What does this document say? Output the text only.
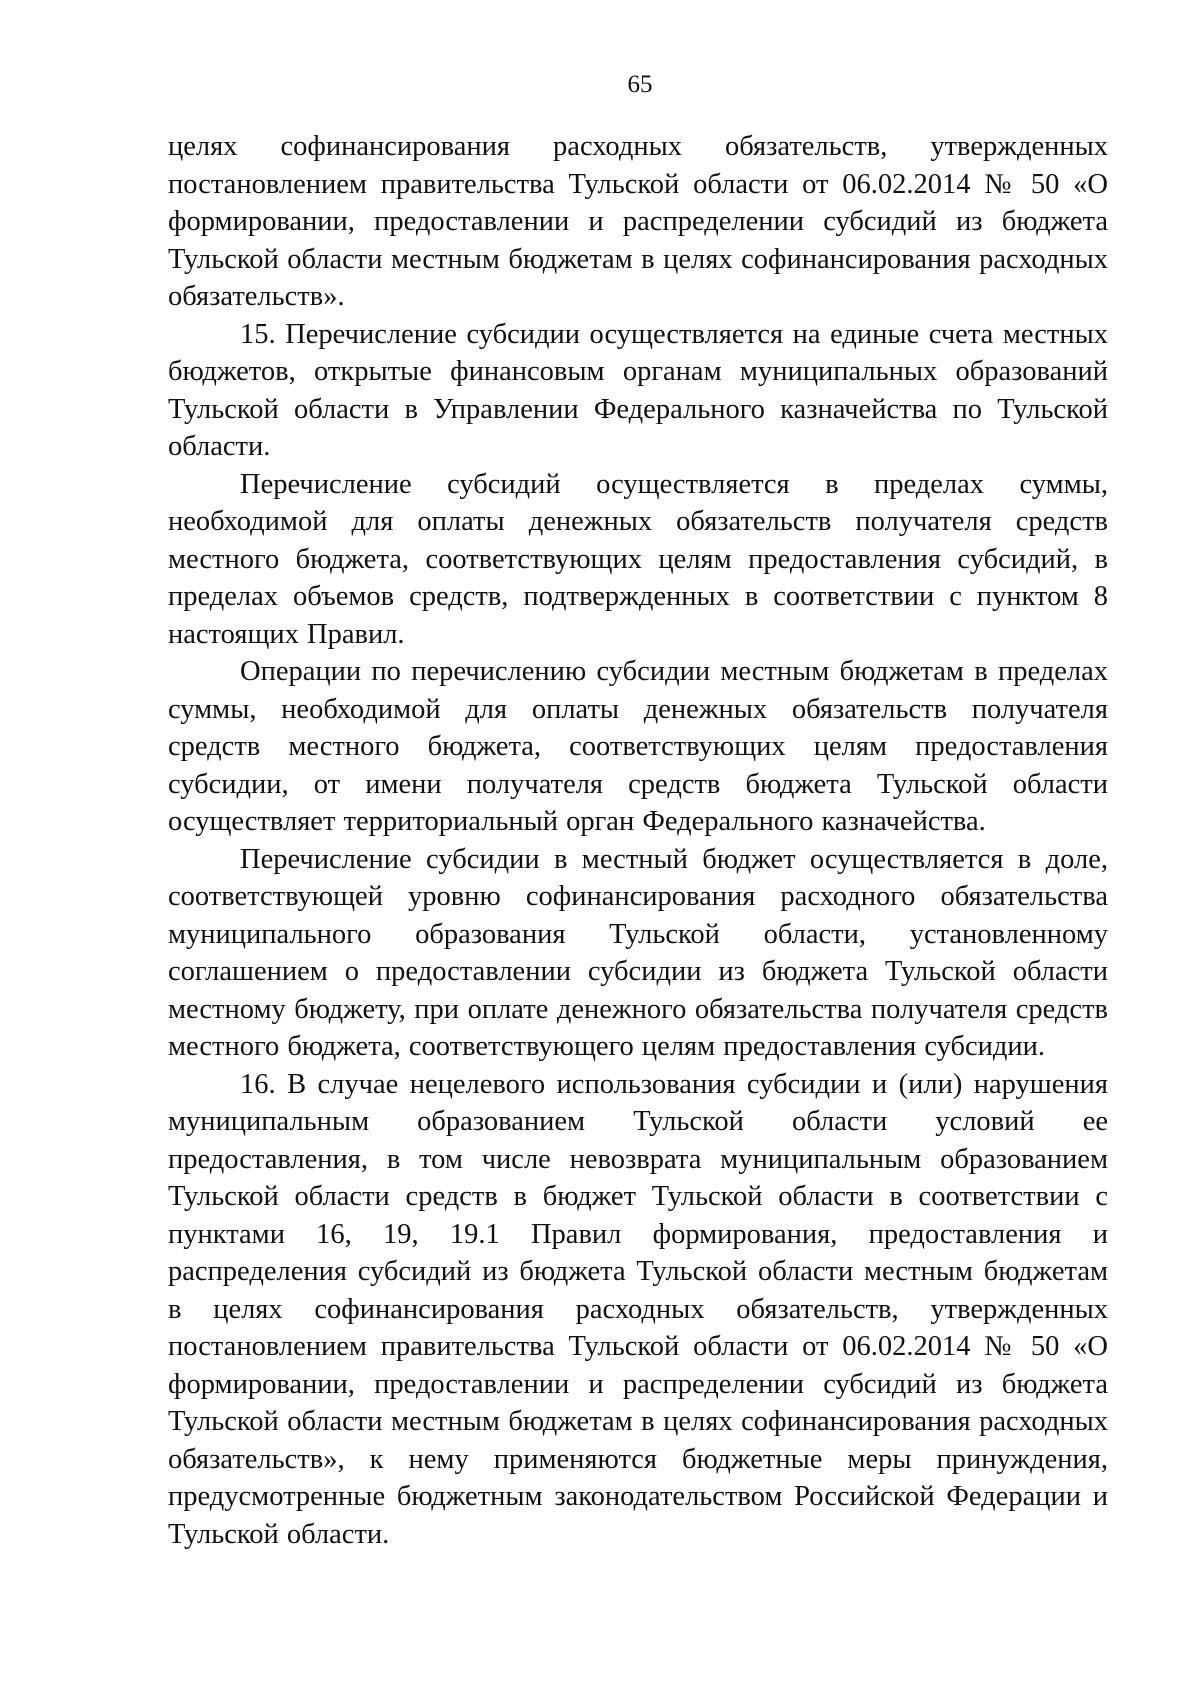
65

целях софинансирования расходных обязательств, утвержденных постановлением правительства Тульской области от 06.02.2014 № 50 «О формировании, предоставлении и распределении субсидий из бюджета Тульской области местным бюджетам в целях софинансирования расходных обязательств».

15. Перечисление субсидии осуществляется на единые счета местных бюджетов, открытые финансовым органам муниципальных образований Тульской области в Управлении Федерального казначейства по Тульской области.

Перечисление субсидий осуществляется в пределах суммы, необходимой для оплаты денежных обязательств получателя средств местного бюджета, соответствующих целям предоставления субсидий, в пределах объемов средств, подтвержденных в соответствии с пунктом 8 настоящих Правил.

Операции по перечислению субсидии местным бюджетам в пределах суммы, необходимой для оплаты денежных обязательств получателя средств местного бюджета, соответствующих целям предоставления субсидии, от имени получателя средств бюджета Тульской области осуществляет территориальный орган Федерального казначейства.

Перечисление субсидии в местный бюджет осуществляется в доле, соответствующей уровню софинансирования расходного обязательства муниципального образования Тульской области, установленному соглашением о предоставлении субсидии из бюджета Тульской области местному бюджету, при оплате денежного обязательства получателя средств местного бюджета, соответствующего целям предоставления субсидии.

16. В случае нецелевого использования субсидии и (или) нарушения муниципальным образованием Тульской области условий ее предоставления, в том числе невозврата муниципальным образованием Тульской области средств в бюджет Тульской области в соответствии с пунктами 16, 19, 19.1 Правил формирования, предоставления и распределения субсидий из бюджета Тульской области местным бюджетам в целях софинансирования расходных обязательств, утвержденных постановлением правительства Тульской области от 06.02.2014 № 50 «О формировании, предоставлении и распределении субсидий из бюджета Тульской области местным бюджетам в целях софинансирования расходных обязательств», к нему применяются бюджетные меры принуждения, предусмотренные бюджетным законодательством Российской Федерации и Тульской области.
